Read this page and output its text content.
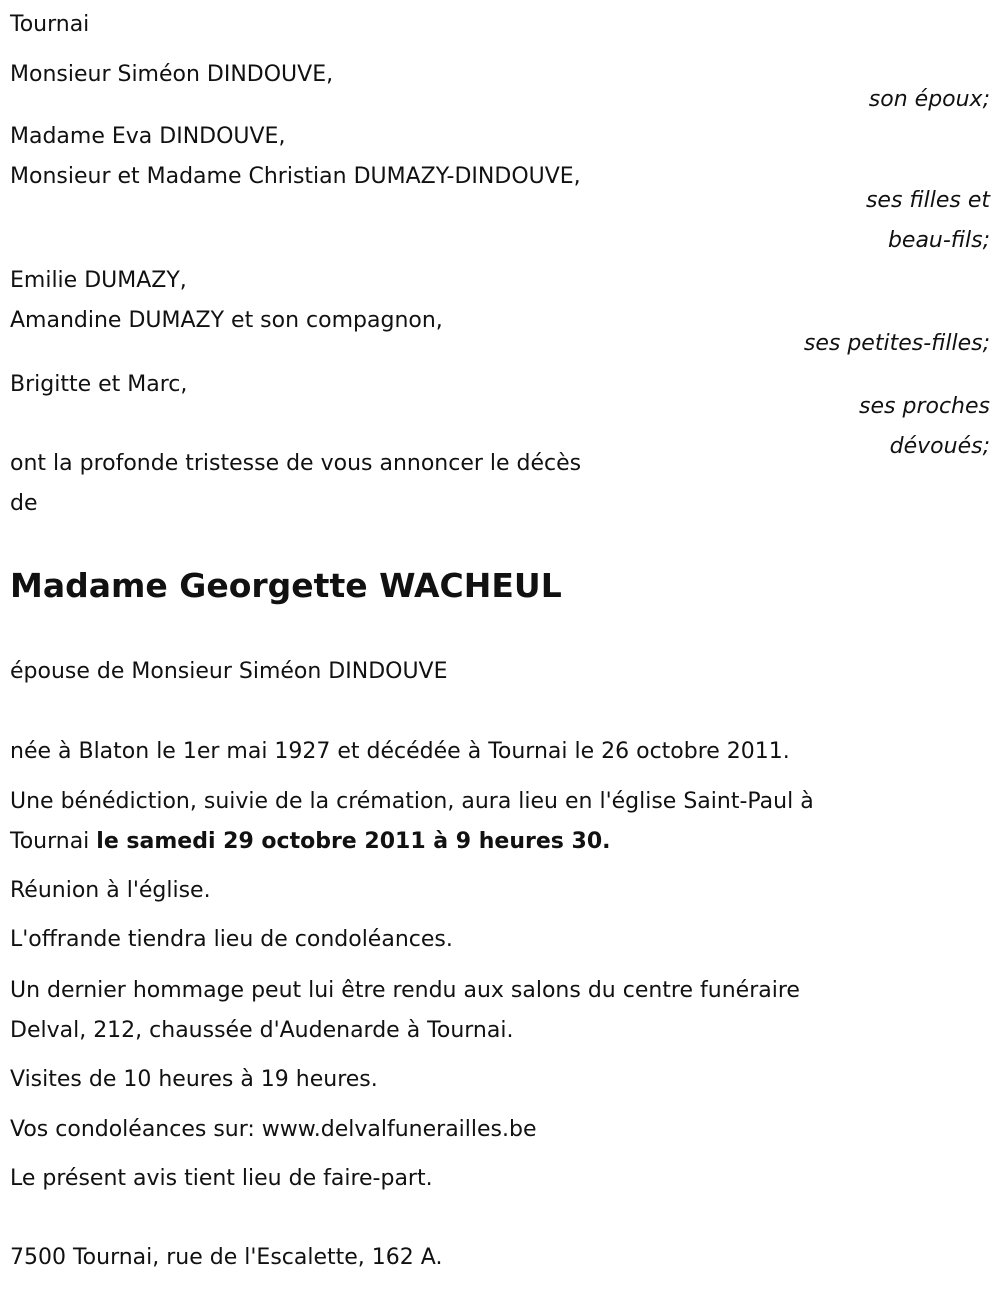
Tournai
Monsieur Siméon DINDOUVE,
son époux;
Madame Eva DINDOUVE,
Monsieur et Madame Christian DUMAZY-DINDOUVE,
ses filles et
beau-fils;
Emilie DUMAZY,
Amandine DUMAZY et son compagnon,
ses petites-filles;
Brigitte et Marc,
ses proches
dévoués;
ont la profonde tristesse de vous annoncer le décès
de
Madame Georgette WACHEUL
épouse de Monsieur Siméon DINDOUVE
née à Blaton le 1er mai 1927 et décédée à Tournai le 26 octobre 2011.
Une bénédiction, suivie de la crémation, aura lieu en l'église Saint-Paul à
Tournai le samedi 29 octobre 2011 à 9 heures 30.
Réunion à l'église.
L'offrande tiendra lieu de condoléances.
Un dernier hommage peut lui être rendu aux salons du centre funéraire
Delval, 212, chaussée d'Audenarde à Tournai.
Visites de 10 heures à 19 heures.
Vos condoléances sur: www.delvalfunerailles.be
Le présent avis tient lieu de faire-part.
7500 Tournai, rue de l'Escalette, 162 A.
